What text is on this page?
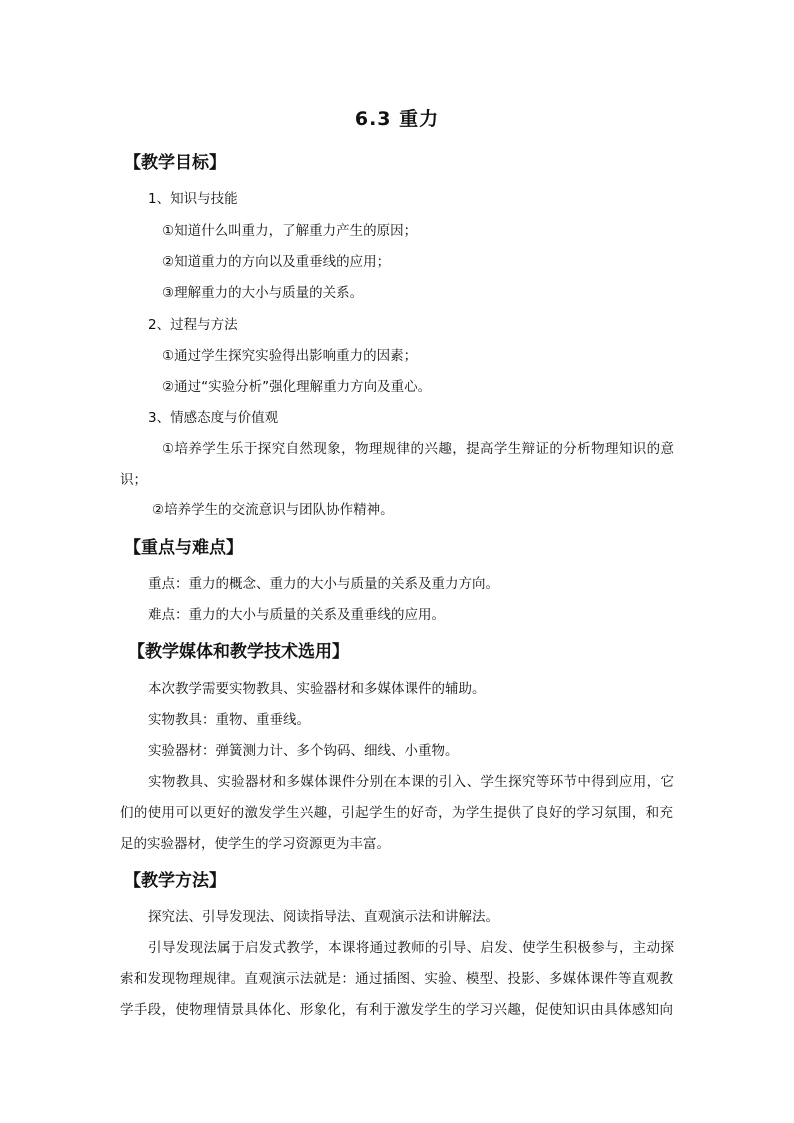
6.3 重力
【教学目标】
1、知识与技能
①知道什么叫重力，了解重力产生的原因；
②知道重力的方向以及重垂线的应用；
③理解重力的大小与质量的关系。
2、过程与方法
①通过学生探究实验得出影响重力的因素；
②通过“实验分析”强化理解重力方向及重心。
3、情感态度与价值观
①培养学生乐于探究自然现象，物理规律的兴趣，提高学生辩证的分析物理知识的意
识；
②培养学生的交流意识与团队协作精神。
【重点与难点】
重点：重力的概念、重力的大小与质量的关系及重力方向。
难点：重力的大小与质量的关系及重垂线的应用。
【教学媒体和教学技术选用】
本次教学需要实物教具、实验器材和多媒体课件的辅助。
实物教具：重物、重垂线。
实验器材：弹簧测力计、多个钩码、细线、小重物。
实物教具、实验器材和多媒体课件分别在本课的引入、学生探究等环节中得到应用，它
们的使用可以更好的激发学生兴趣，引起学生的好奇，为学生提供了良好的学习氛围，和充
足的实验器材，使学生的学习资源更为丰富。
【教学方法】
探究法、引导发现法、阅读指导法、直观演示法和讲解法。
引导发现法属于启发式教学，本课将通过教师的引导、启发、使学生积极参与，主动探
索和发现物理规律。直观演示法就是：通过插图、实验、模型、投影、多媒体课件等直观教
学手段，使物理情景具体化、形象化，有利于激发学生的学习兴趣，促使知识由具体感知向
